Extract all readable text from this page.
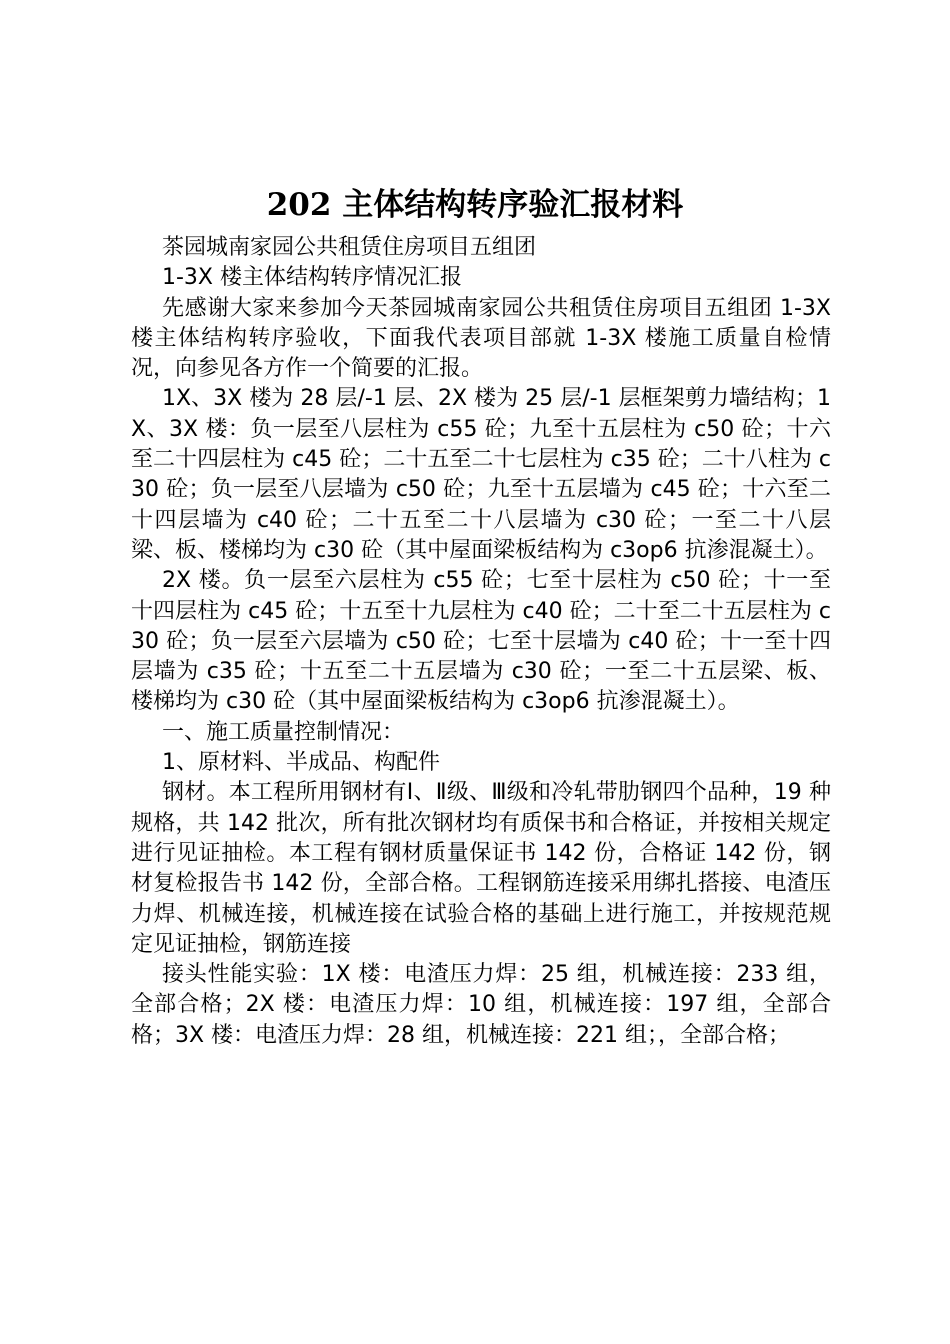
202 主体结构转序验汇报材料

茶园城南家园公共租赁住房项目五组团

1-3X 楼主体结构转序情况汇报

先感谢大家来参加今天茶园城南家园公共租赁住房项目五组团 1-3X 楼主体结构转序验收，下面我代表项目部就 1-3X 楼施工质量自检情况，向参见各方作一个简要的汇报。

1X、3X 楼为 28 层/-1 层、2X 楼为 25 层/-1 层框架剪力墙结构；1X、3X 楼：负一层至八层柱为 c55 砼；九至十五层柱为 c50 砼；十六至二十四层柱为 c45 砼；二十五至二十七层柱为 c35 砼；二十八柱为 c30 砼；负一层至八层墙为 c50 砼；九至十五层墙为 c45 砼；十六至二十四层墙为 c40 砼；二十五至二十八层墙为 c30 砼；一至二十八层梁、板、楼梯均为 c30 砼（其中屋面梁板结构为 c3op6 抗渗混凝土）。

2X 楼。负一层至六层柱为 c55 砼；七至十层柱为 c50 砼；十一至十四层柱为 c45 砼；十五至十九层柱为 c40 砼；二十至二十五层柱为 c30 砼；负一层至六层墙为 c50 砼；七至十层墙为 c40 砼；十一至十四层墙为 c35 砼；十五至二十五层墙为 c30 砼；一至二十五层梁、板、楼梯均为 c30 砼（其中屋面梁板结构为 c3op6 抗渗混凝土）。

一、施工质量控制情况：

1、原材料、半成品、构配件

钢材。本工程所用钢材有Ⅰ、Ⅱ级、Ⅲ级和冷轧带肋钢四个品种，19 种规格，共 142 批次，所有批次钢材均有质保书和合格证，并按相关规定进行见证抽检。本工程有钢材质量保证书 142 份，合格证 142 份，钢材复检报告书 142 份，全部合格。工程钢筋连接采用绑扎搭接、电渣压力焊、机械连接，机械连接在试验合格的基础上进行施工，并按规范规定见证抽检，钢筋连接

接头性能实验：1X 楼：电渣压力焊：25 组，机械连接：233 组，全部合格；2X 楼：电渣压力焊：10 组，机械连接：197 组，全部合格；3X 楼：电渣压力焊：28 组，机械连接：221 组；，全部合格；
